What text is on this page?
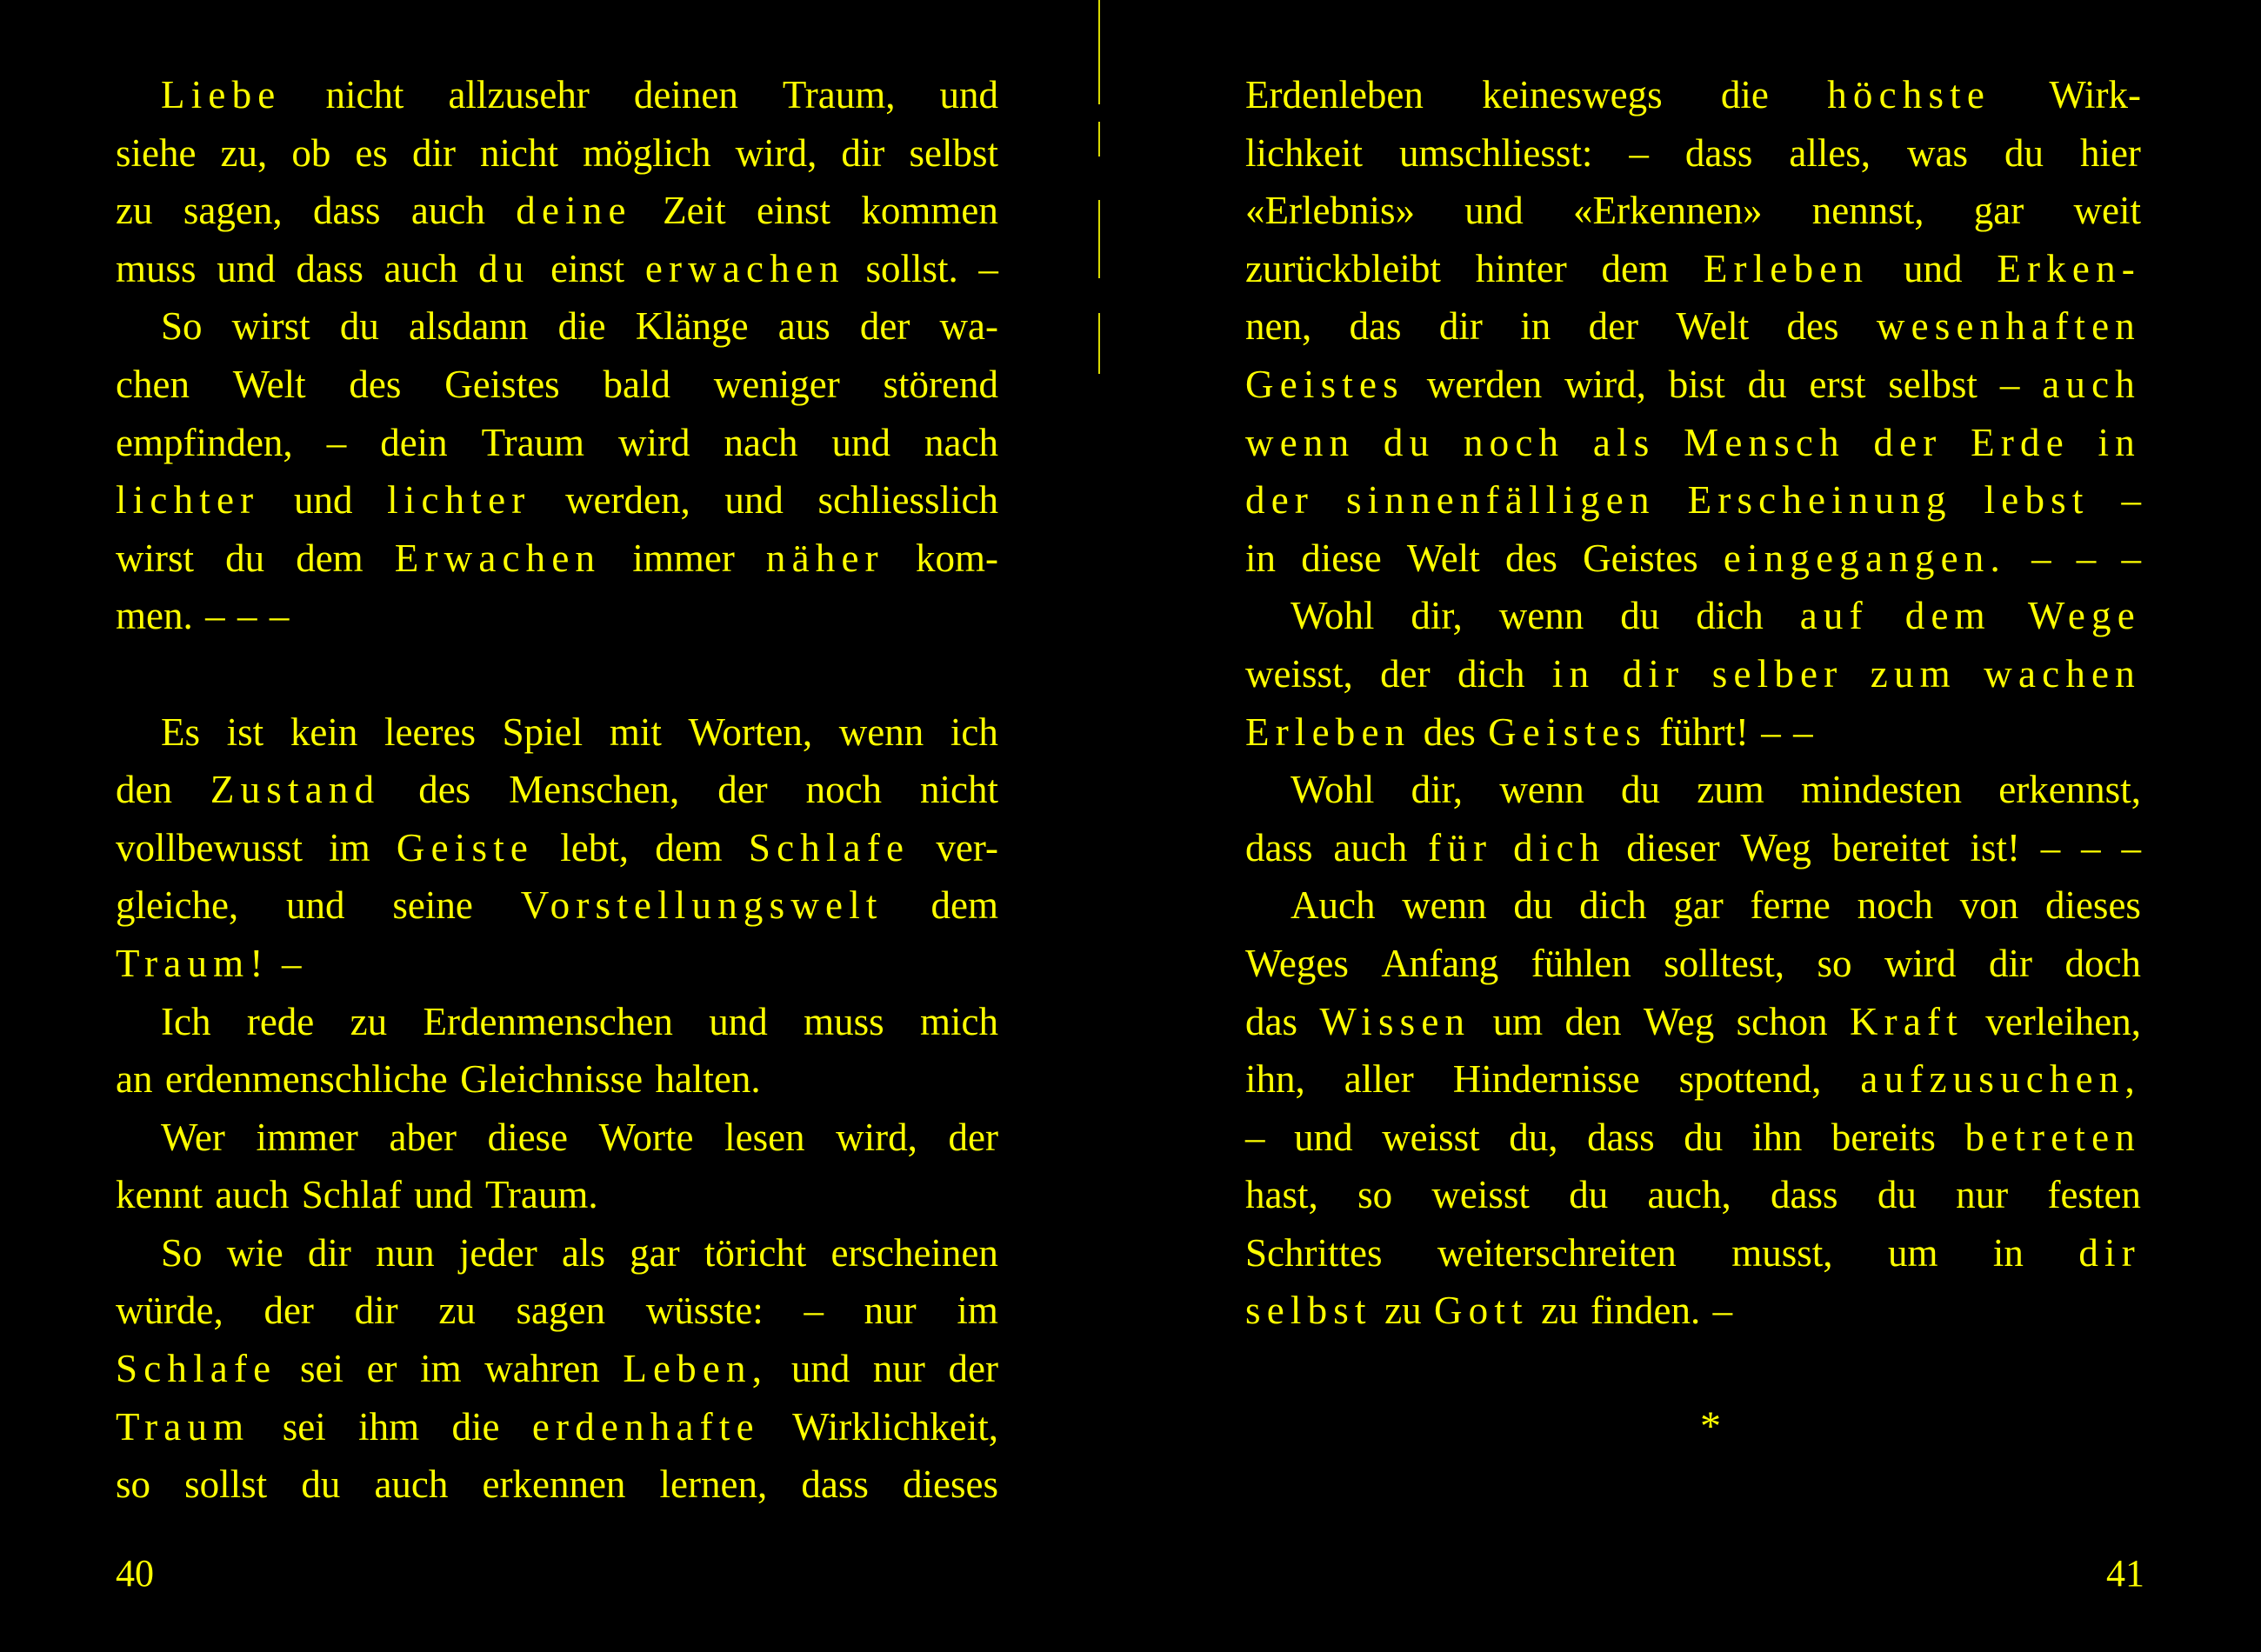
Liebe nicht allzusehr deinen Traum, und
siehe zu, ob es dir nicht möglich wird, dir selbst
zu sagen, dass auch deine Zeit einst kommen
muss und dass auch du einst erwachen sollst. –
So wirst du alsdann die Klänge aus der wa-
chen Welt des Geistes bald weniger störend
empfinden, – dein Traum wird nach und nach
lichter und lichter werden, und schliesslich
wirst du dem Erwachen immer näher kom-
men. – – –
Es ist kein leeres Spiel mit Worten, wenn ich
den Zustand des Menschen, der noch nicht
vollbewusst im Geiste lebt, dem Schlafe ver-
gleiche, und seine Vorstellungswelt dem
Traum! –
Ich rede zu Erdenmenschen und muss mich
an erdenmenschliche Gleichnisse halten.
Wer immer aber diese Worte lesen wird, der
kennt auch Schlaf und Traum.
So wie dir nun jeder als gar töricht erscheinen
würde, der dir zu sagen wüsste: – nur im
Schlafe sei er im wahren Leben, und nur der
Traum sei ihm die erdenhafte Wirklichkeit,
so sollst du auch erkennen lernen, dass dieses
40
Erdenleben keineswegs die höchste Wirk-
lichkeit umschliesst: – dass alles, was du hier
«Erlebnis» und «Erkennen» nennst, gar weit
zurückbleibt hinter dem Erleben und Erken-
nen, das dir in der Welt des wesenhaften
Geistes werden wird, bist du erst selbst – auch
wenn du noch als Mensch der Erde in
der sinnenfälligen Erscheinung lebst –
in diese Welt des Geistes eingegangen. – – –
Wohl dir, wenn du dich auf dem Wege
weisst, der dich in dir selber zum wachen
Erleben des Geistes führt! – –
Wohl dir, wenn du zum mindesten erkennst,
dass auch für dich dieser Weg bereitet ist! – – –
Auch wenn du dich gar ferne noch von dieses
Weges Anfang fühlen solltest, so wird dir doch
das Wissen um den Weg schon Kraft verleihen,
ihn, aller Hindernisse spottend, aufzusuchen,
– und weisst du, dass du ihn bereits betreten
hast, so weisst du auch, dass du nur festen
Schrittes weiterschreiten musst, um in dir
selbst zu Gott zu finden. –
*
41
